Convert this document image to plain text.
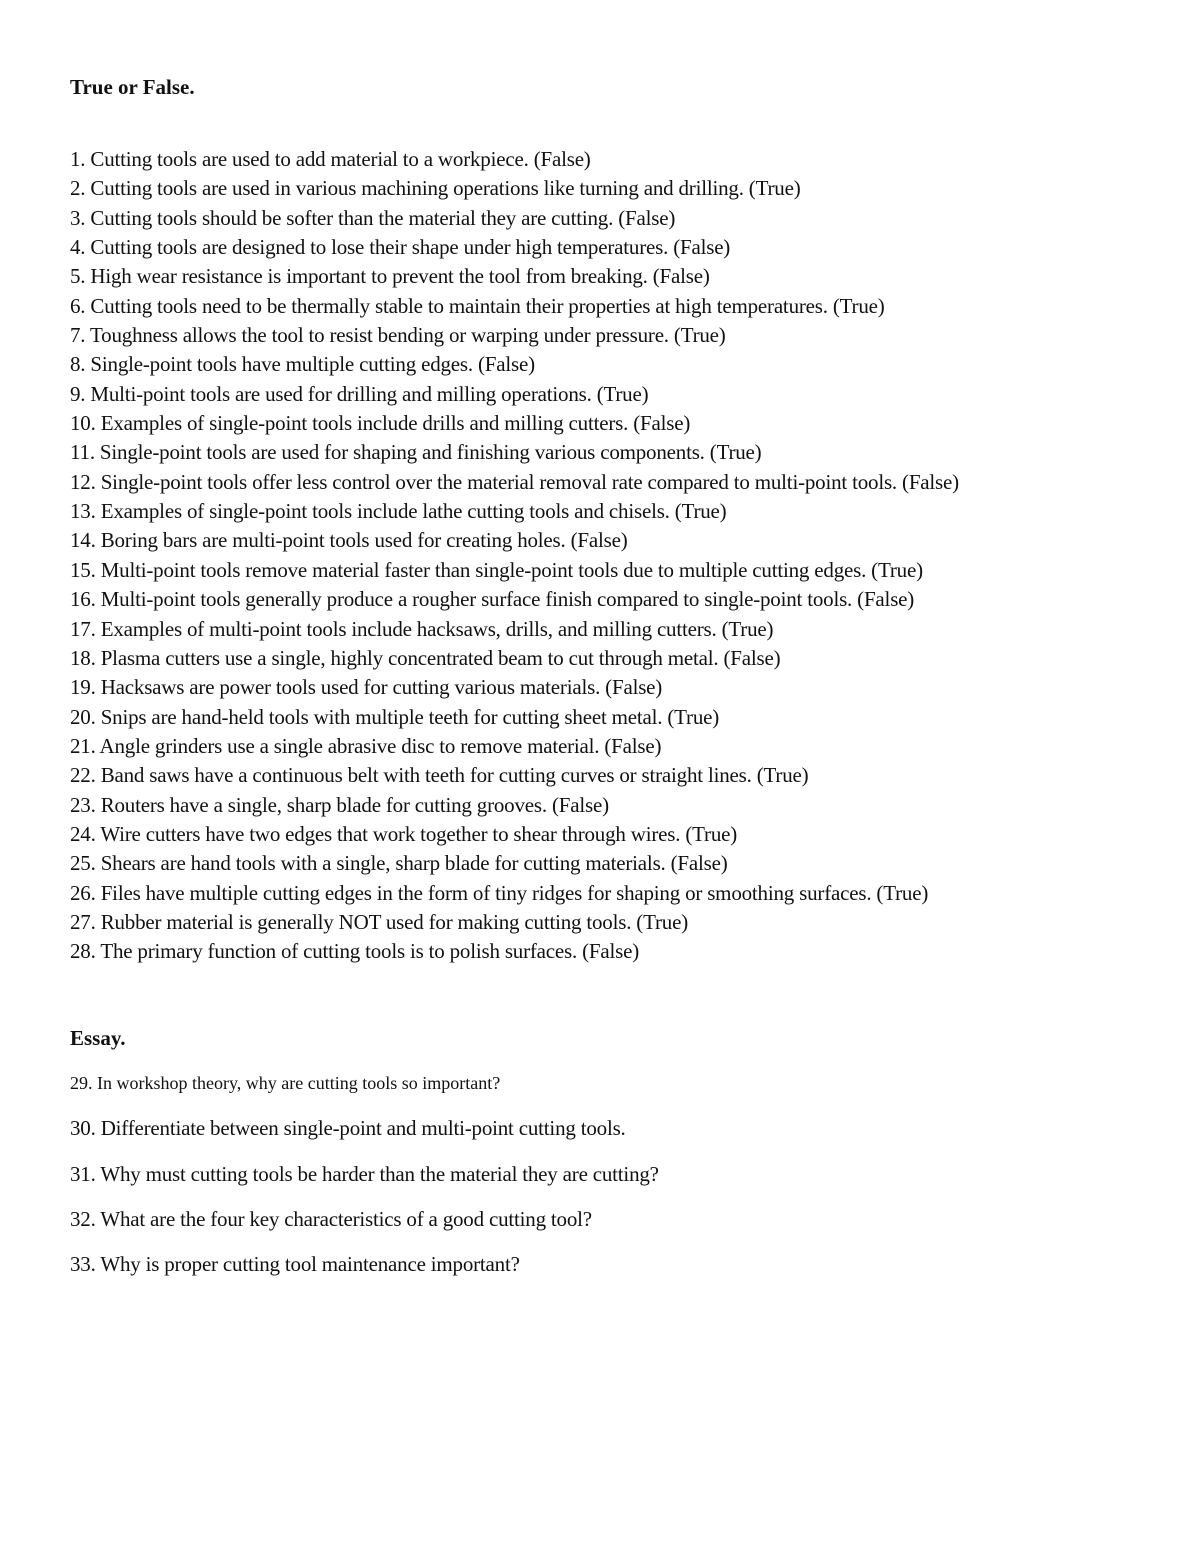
True or False.
1. Cutting tools are used to add material to a workpiece. (False)
2. Cutting tools are used in various machining operations like turning and drilling. (True)
3. Cutting tools should be softer than the material they are cutting. (False)
4. Cutting tools are designed to lose their shape under high temperatures. (False)
5. High wear resistance is important to prevent the tool from breaking. (False)
6. Cutting tools need to be thermally stable to maintain their properties at high temperatures. (True)
7. Toughness allows the tool to resist bending or warping under pressure. (True)
8. Single-point tools have multiple cutting edges. (False)
9. Multi-point tools are used for drilling and milling operations. (True)
10. Examples of single-point tools include drills and milling cutters. (False)
11. Single-point tools are used for shaping and finishing various components. (True)
12. Single-point tools offer less control over the material removal rate compared to multi-point tools. (False)
13. Examples of single-point tools include lathe cutting tools and chisels. (True)
14. Boring bars are multi-point tools used for creating holes. (False)
15. Multi-point tools remove material faster than single-point tools due to multiple cutting edges. (True)
16. Multi-point tools generally produce a rougher surface finish compared to single-point tools. (False)
17. Examples of multi-point tools include hacksaws, drills, and milling cutters. (True)
18. Plasma cutters use a single, highly concentrated beam to cut through metal. (False)
19. Hacksaws are power tools used for cutting various materials. (False)
20. Snips are hand-held tools with multiple teeth for cutting sheet metal. (True)
21. Angle grinders use a single abrasive disc to remove material. (False)
22. Band saws have a continuous belt with teeth for cutting curves or straight lines. (True)
23. Routers have a single, sharp blade for cutting grooves. (False)
24. Wire cutters have two edges that work together to shear through wires. (True)
25. Shears are hand tools with a single, sharp blade for cutting materials. (False)
26. Files have multiple cutting edges in the form of tiny ridges for shaping or smoothing surfaces. (True)
27. Rubber material is generally NOT used for making cutting tools. (True)
28. The primary function of cutting tools is to polish surfaces. (False)
Essay.
29. In workshop theory, why are cutting tools so important?
30. Differentiate between single-point and multi-point cutting tools.
31. Why must cutting tools be harder than the material they are cutting?
32. What are the four key characteristics of a good cutting tool?
33. Why is proper cutting tool maintenance important?
